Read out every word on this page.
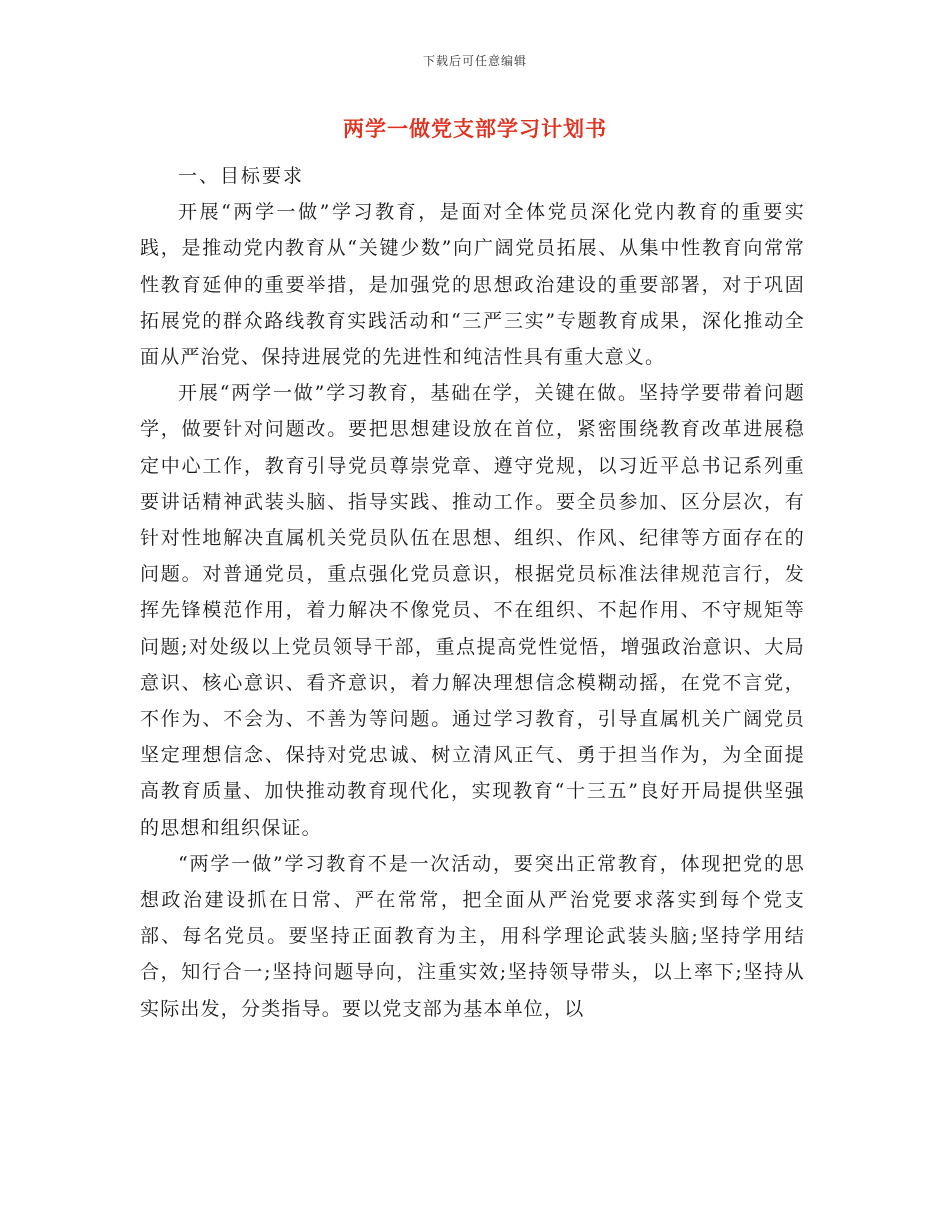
下载后可任意编辑
两学一做党支部学习计划书

一、目标要求

开展“两学一做”学习教育，是面对全体党员深化党内教育的重要实践，是推动党内教育从“关键少数”向广阔党员拓展、从集中性教育向常常性教育延伸的重要举措，是加强党的思想政治建设的重要部署，对于巩固拓展党的群众路线教育实践活动和“三严三实”专题教育成果，深化推动全面从严治党、保持进展党的先进性和纯洁性具有重大意义。

开展“两学一做”学习教育，基础在学，关键在做。坚持学要带着问题学，做要针对问题改。要把思想建设放在首位，紧密围绕教育改革进展稳定中心工作，教育引导党员尊崇党章、遵守党规，以习近平总书记系列重要讲话精神武装头脑、指导实践、推动工作。要全员参加、区分层次，有针对性地解决直属机关党员队伍在思想、组织、作风、纪律等方面存在的问题。对普通党员，重点强化党员意识，根据党员标准法律规范言行，发挥先锋模范作用，着力解决不像党员、不在组织、不起作用、不守规矩等问题;对处级以上党员领导干部，重点提高党性觉悟，增强政治意识、大局意识、核心意识、看齐意识，着力解决理想信念模糊动摇，在党不言党，不作为、不会为、不善为等问题。通过学习教育，引导直属机关广阔党员坚定理想信念、保持对党忠诚、树立清风正气、勇于担当作为，为全面提高教育质量、加快推动教育现代化，实现教育“十三五”良好开局提供坚强的思想和组织保证。

“两学一做”学习教育不是一次活动，要突出正常教育，体现把党的思想政治建设抓在日常、严在常常，把全面从严治党要求落实到每个党支部、每名党员。要坚持正面教育为主，用科学理论武装头脑;坚持学用结合，知行合一;坚持问题导向，注重实效;坚持领导带头，以上率下;坚持从实际出发，分类指导。要以党支部为基本单位，以
